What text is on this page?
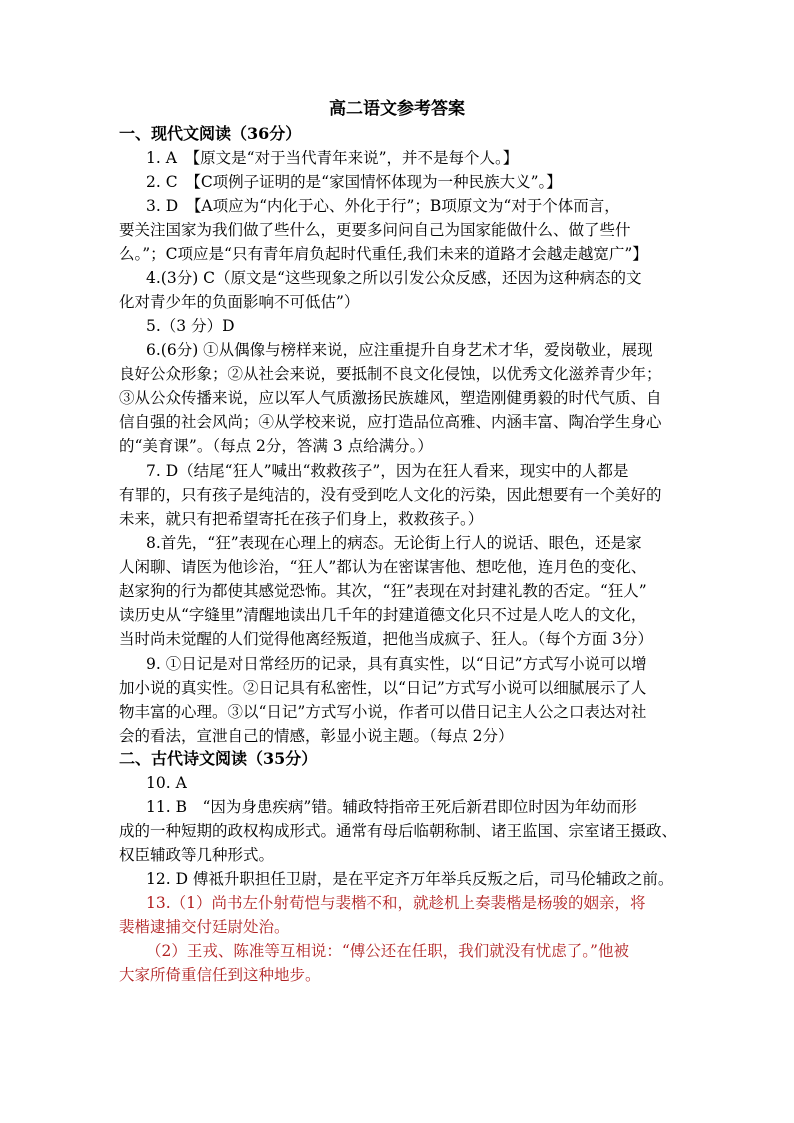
高二语文参考答案
一、现代文阅读（36分）
1. A　【原文是“对于当代青年来说”，并不是每个人。】
2. C　【C项例子证明的是“家国情怀体现为一种民族大义”。】
3. D　【A项应为“内化于心、外化于行”；B项原文为“对于个体而言，
要关注国家为我们做了些什么，更要多问问自己为国家能做什么、做了些什
么。”；C项应是“只有青年肩负起时代重任,我们未来的道路才会越走越宽广”】
4.(3分) C（原文是“这些现象之所以引发公众反感，还因为这种病态的文
化对青少年的负面影响不可低估”）
5.（3 分）D
6.(6分) ①从偶像与榜样来说，应注重提升自身艺术才华，爱岗敬业，展现
良好公众形象；②从社会来说，要抵制不良文化侵蚀，以优秀文化滋养青少年；
③从公众传播来说，应以军人气质激扬民族雄风，塑造刚健勇毅的时代气质、自
信自强的社会风尚；④从学校来说，应打造品位高雅、内涵丰富、陶冶学生身心
的“美育课”。（每点 2分，答满 3 点给满分。）
7. D（结尾“狂人”喊出“救救孩子”，因为在狂人看来，现实中的人都是
有罪的，只有孩子是纯洁的，没有受到吃人文化的污染，因此想要有一个美好的
未来，就只有把希望寄托在孩子们身上，救救孩子。）
8.首先，“狂”表现在心理上的病态。无论街上行人的说话、眼色，还是家
人闲聊、请医为他诊治，“狂人”都认为在密谋害他、想吃他，连月色的变化、
赵家狗的行为都使其感觉恐怖。其次，“狂”表现在对封建礼教的否定。“狂人”
读历史从“字缝里”清醒地读出几千年的封建道德文化只不过是人吃人的文化，
当时尚未觉醒的人们觉得他离经叛道，把他当成疯子、狂人。（每个方面 3分）
9. ①日记是对日常经历的记录，具有真实性，以“日记”方式写小说可以增
加小说的真实性。②日记具有私密性，以“日记”方式写小说可以细腻展示了人
物丰富的心理。③以“日记”方式写小说，作者可以借日记主人公之口表达对社
会的看法，宣泄自己的情感，彰显小说主题。（每点 2分）
二、古代诗文阅读（35分）
10. A
11. B　“因为身患疾病”错。辅政特指帝王死后新君即位时因为年幼而形
成的一种短期的政权构成形式。通常有母后临朝称制、诸王监国、宗室诸王摄政、
权臣辅政等几种形式。
12. D 傅祗升职担任卫尉，是在平定齐万年举兵反叛之后，司马伦辅政之前。
13.（1）尚书左仆射荀恺与裴楷不和，就趁机上奏裴楷是杨骏的姻亲，将
裴楷逮捕交付廷尉处治。
（2）王戎、陈准等互相说：“傅公还在任职，我们就没有忧虑了。”他被
大家所倚重信任到这种地步。
